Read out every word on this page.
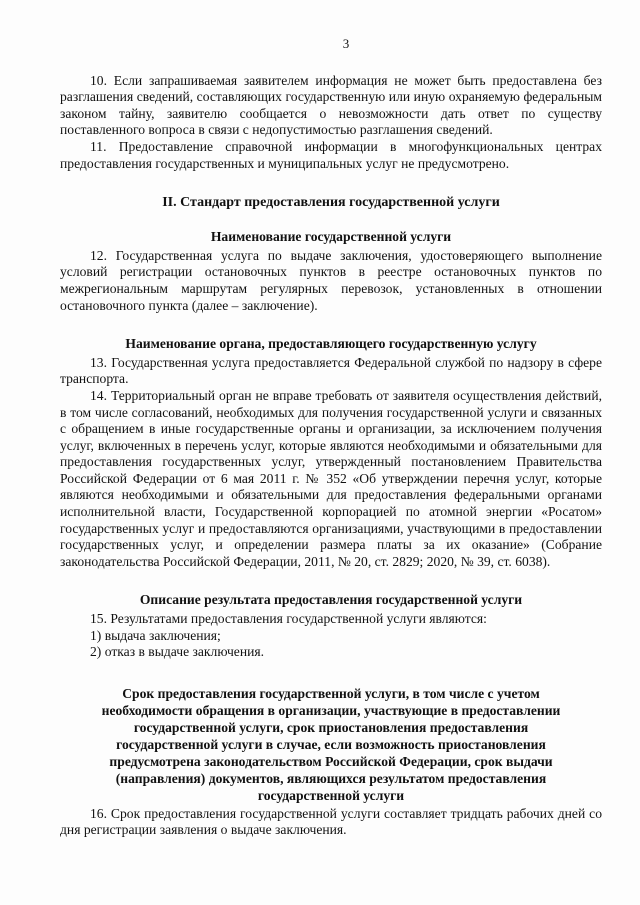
3

10. Если запрашиваемая заявителем информация не может быть предоставлена без разглашения сведений, составляющих государственную или иную охраняемую федеральным законом тайну, заявителю сообщается о невозможности дать ответ по существу поставленного вопроса в связи с недопустимостью разглашения сведений.

11. Предоставление справочной информации в многофункциональных центрах предоставления государственных и муниципальных услуг не предусмотрено.

II. Стандарт предоставления государственной услуги
Наименование государственной услуги

12. Государственная услуга по выдаче заключения, удостоверяющего выполнение условий регистрации остановочных пунктов в реестре остановочных пунктов по межрегиональным маршрутам регулярных перевозок, установленных в отношении остановочного пункта (далее – заключение).

Наименование органа, предоставляющего государственную услугу

13. Государственная услуга предоставляется Федеральной службой по надзору в сфере транспорта.

14. Территориальный орган не вправе требовать от заявителя осуществления действий, в том числе согласований, необходимых для получения государственной услуги и связанных с обращением в иные государственные органы и организации, за исключением получения услуг, включенных в перечень услуг, которые являются необходимыми и обязательными для предоставления государственных услуг, утвержденный постановлением Правительства Российской Федерации от 6 мая 2011 г. № 352 «Об утверждении перечня услуг, которые являются необходимыми и обязательными для предоставления федеральными органами исполнительной власти, Государственной корпорацией по атомной энергии «Росатом» государственных услуг и предоставляются организациями, участвующими в предоставлении государственных услуг, и определении размера платы за их оказание» (Собрание законодательства Российской Федерации, 2011, № 20, ст. 2829; 2020, № 39, ст. 6038).

Описание результата предоставления государственной услуги

15. Результатами предоставления государственной услуги являются:

1) выдача заключения;
2) отказ в выдаче заключения.
Срок предоставления государственной услуги, в том числе с учетом необходимости обращения в организации, участвующие в предоставлении государственной услуги, срок приостановления предоставления государственной услуги в случае, если возможность приостановления предусмотрена законодательством Российской Федерации, срок выдачи (направления) документов, являющихся результатом предоставления государственной услуги

16. Срок предоставления государственной услуги составляет тридцать рабочих дней со дня регистрации заявления о выдаче заключения.
